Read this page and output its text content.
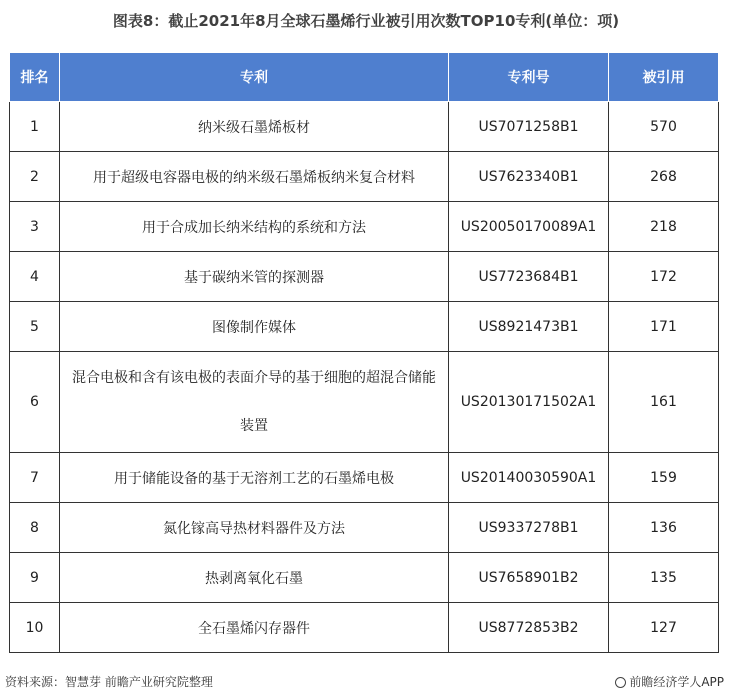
图表8：截止2021年8月全球石墨烯行业被引用次数TOP10专利(单位：项)
排名	专利	专利号	被引用
1	纳米级石墨烯板材	US7071258B1	570
2	用于超级电容器电极的纳米级石墨烯板纳米复合材料	US7623340B1	268
3	用于合成加长纳米结构的系统和方法	US20050170089A1	218
4	基于碳纳米管的探测器	US7723684B1	172
5	图像制作媒体	US8921473B1	171
6	混合电极和含有该电极的表面介导的基于细胞的超混合储能装置	US20130171502A1	161
7	用于储能设备的基于无溶剂工艺的石墨烯电极	US20140030590A1	159
8	氮化镓高导热材料器件及方法	US9337278B1	136
9	热剥离氧化石墨	US7658901B2	135
10	全石墨烯闪存器件	US8772853B2	127
资料来源：智慧芽 前瞻产业研究院整理	前瞻经济学人APP
